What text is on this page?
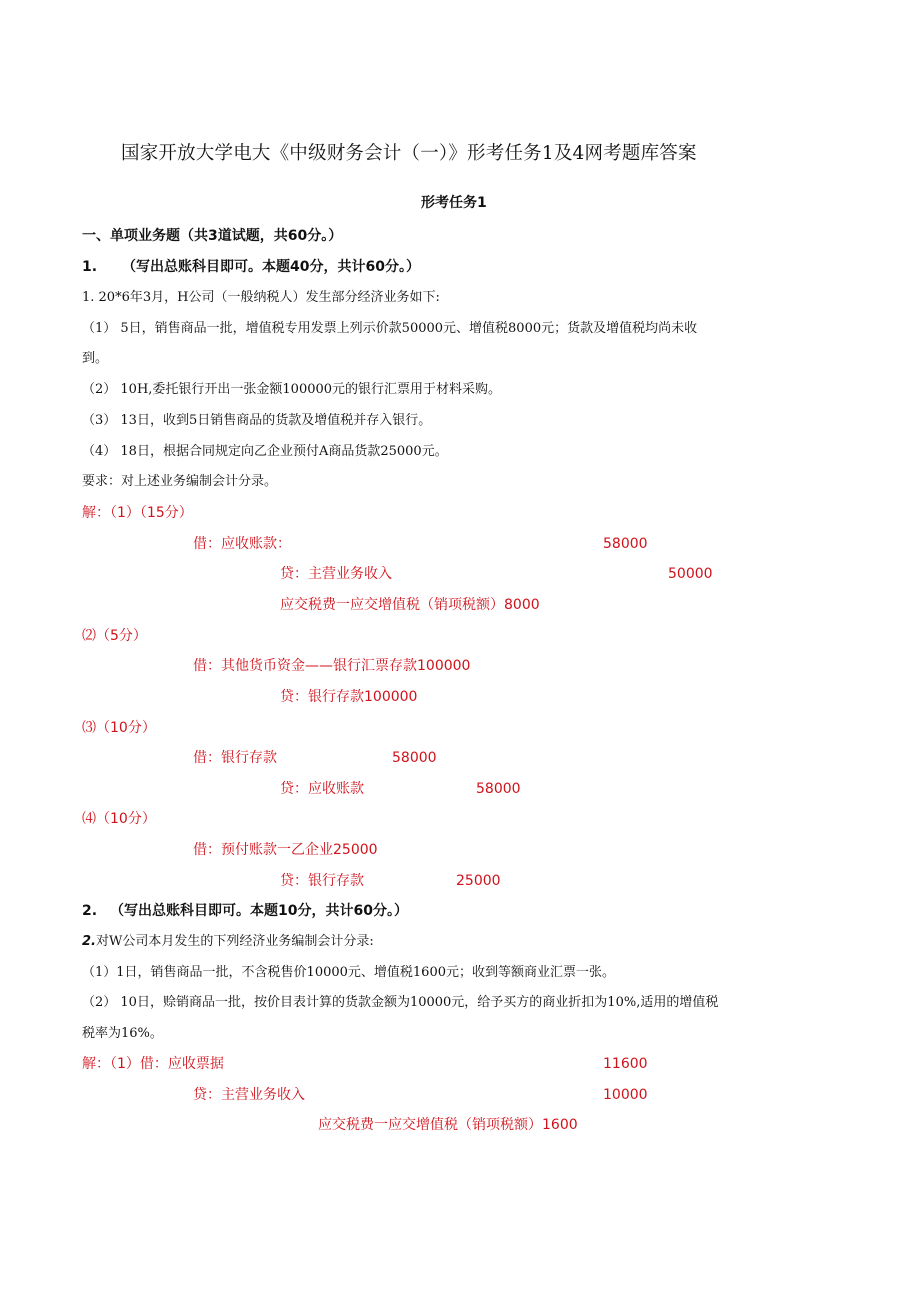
国家开放大学电大《中级财务会计（一）》形考任务1及4网考题库答案
形考任务1
一、单项业务题（共3道试题，共60分。）
1. （写出总账科目即可。本题40分，共计60分。）
1. 20*6年3月，H公司（一般纳税人）发生部分经济业务如下:
（1） 5日，销售商品一批，增值税专用发票上列示价款50000元、增值税8000元；货款及增值税均尚未收
到。
（2） 10H,委托银行开出一张金额100000元的银行汇票用于材料采购。
（3） 13日，收到5日销售商品的货款及增值税并存入银行。
（4） 18日，根据合同规定向乙企业预付A商品货款25000元。
要求：对上述业务编制会计分录。
解：（1）（15分）
借：应收账款：	58000
贷：主营业务收入	50000
应交税费一应交增值税（销项税额）8000
⑵（5分）
借：其他货币资金——银行汇票存款100000
贷：银行存款100000
⑶（10分）
借：银行存款	58000
贷：应收账款	58000
⑷（10分）
借：预付账款一乙企业25000
贷：银行存款	25000
2. （写出总账科目即可。本题10分，共计60分。）
2. 对W公司本月发生的下列经济业务编制会计分录:
（1）1日，销售商品一批，不含税售价10000元、增值税1600元；收到等额商业汇票一张。
（2） 10日，赊销商品一批，按价目表计算的货款金额为10000元，给予买方的商业折扣为10%,适用的增值税
税率为16%。
解：（1）借：应收票据	11600
贷：主营业务收入	10000
应交税费一应交增值税（销项税额）1600
